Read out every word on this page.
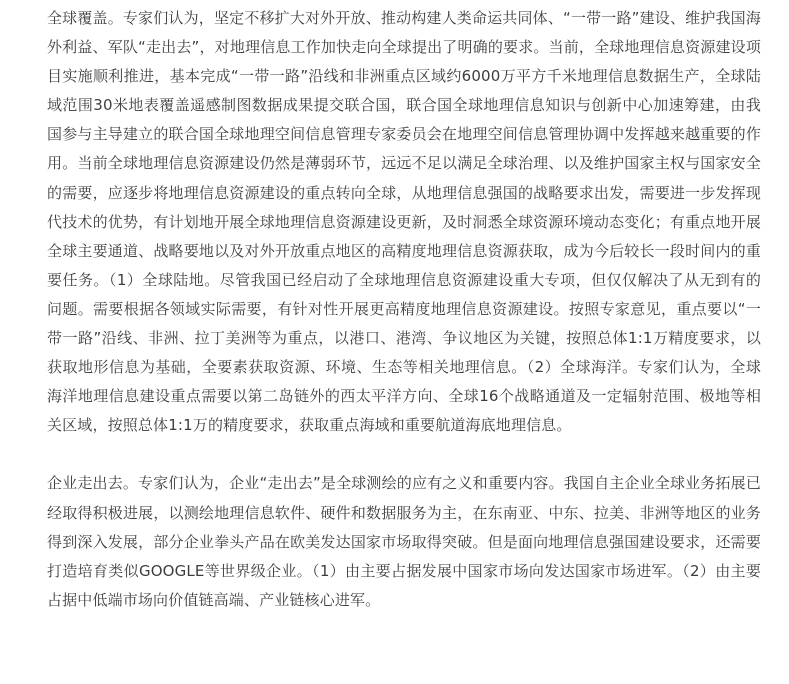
全球覆盖。专家们认为，坚定不移扩大对外开放、推动构建人类命运共同体、“一带一路”建设、维护我国海外利益、军队“走出去”，对地理信息工作加快走向全球提出了明确的要求。当前，全球地理信息资源建设项目实施顺利推进，基本完成“一带一路”沿线和非洲重点区域约6000万平方千米地理信息数据生产，全球陆域范围30米地表覆盖遥感制图数据成果提交联合国，联合国全球地理信息知识与创新中心加速筹建，由我国参与主导建立的联合国全球地理空间信息管理专家委员会在地理空间信息管理协调中发挥越来越重要的作用。当前全球地理信息资源建设仍然是薄弱环节，远远不足以满足全球治理、以及维护国家主权与国家安全的需要，应逐步将地理信息资源建设的重点转向全球，从地理信息强国的战略要求出发，需要进一步发挥现代技术的优势，有计划地开展全球地理信息资源建设更新，及时洞悉全球资源环境动态变化；有重点地开展全球主要通道、战略要地以及对外开放重点地区的高精度地理信息资源获取，成为今后较长一段时间内的重要任务。（1）全球陆地。尽管我国已经启动了全球地理信息资源建设重大专项，但仅仅解决了从无到有的问题。需要根据各领域实际需要，有针对性开展更高精度地理信息资源建设。按照专家意见，重点要以“一带一路”沿线、非洲、拉丁美洲等为重点，以港口、港湾、争议地区为关键，按照总体1:1万精度要求，以获取地形信息为基础，全要素获取资源、环境、生态等相关地理信息。（2）全球海洋。专家们认为，全球海洋地理信息建设重点需要以第二岛链外的西太平洋方向、全球16个战略通道及一定辐射范围、极地等相关区域，按照总体1:1万的精度要求，获取重点海域和重要航道海底地理信息。

企业走出去。专家们认为，企业“走出去”是全球测绘的应有之义和重要内容。我国自主企业全球业务拓展已经取得积极进展，以测绘地理信息软件、硬件和数据服务为主，在东南亚、中东、拉美、非洲等地区的业务得到深入发展，部分企业拳头产品在欧美发达国家市场取得突破。但是面向地理信息强国建设要求，还需要打造培育类似GOOGLE等世界级企业。（1）由主要占据发展中国家市场向发达国家市场进军。（2）由主要占据中低端市场向价值链高端、产业链核心进军。
